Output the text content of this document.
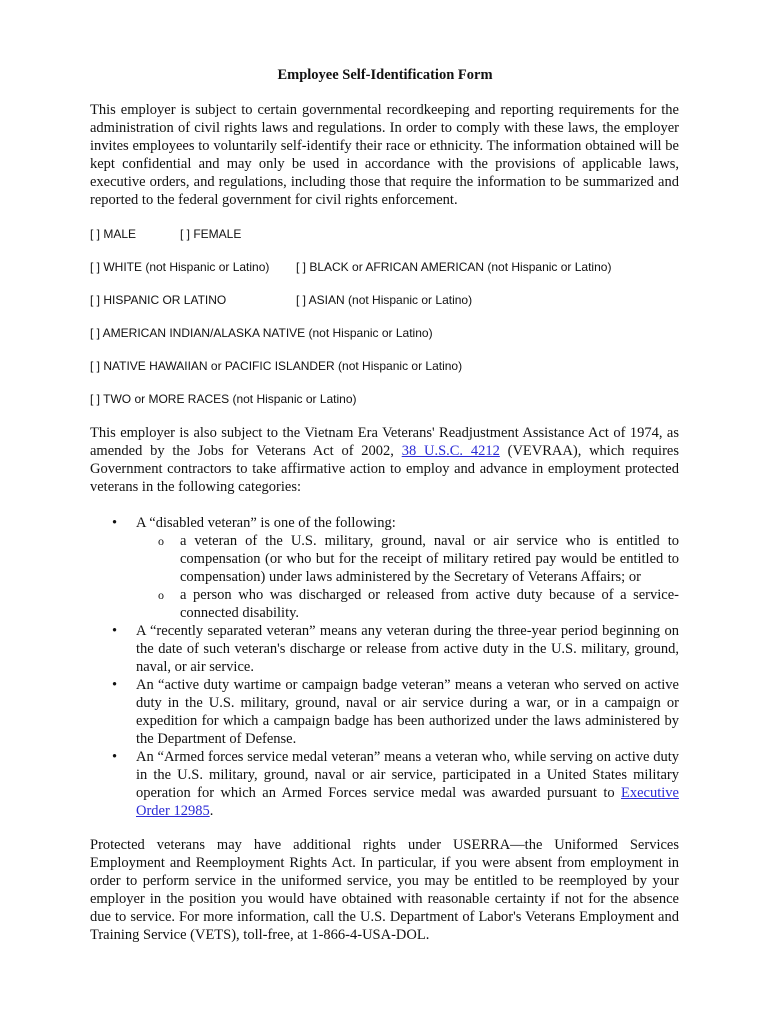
Employee Self-Identification Form

This employer is subject to certain governmental recordkeeping and reporting requirements for the administration of civil rights laws and regulations. In order to comply with these laws, the employer invites employees to voluntarily self-identify their race or ethnicity. The information obtained will be kept confidential and may only be used in accordance with the provisions of applicable laws, executive orders, and regulations, including those that require the information to be summarized and reported to the federal government for civil rights enforcement.

[ ] MALE	[ ] FEMALE
[ ] WHITE (not Hispanic or Latino) [ ] BLACK or AFRICAN AMERICAN (not Hispanic or Latino)
[ ] HISPANIC OR LATINO	[ ] ASIAN (not Hispanic or Latino)
[ ] AMERICAN INDIAN/ALASKA NATIVE (not Hispanic or Latino)
[ ] NATIVE HAWAIIAN or PACIFIC ISLANDER (not Hispanic or Latino)
[ ] TWO or MORE RACES (not Hispanic or Latino)

This employer is also subject to the Vietnam Era Veterans' Readjustment Assistance Act of 1974, as amended by the Jobs for Veterans Act of 2002, 38 U.S.C. 4212 (VEVRAA), which requires Government contractors to take affirmative action to employ and advance in employment protected veterans in the following categories:

• A “disabled veteran” is one of the following:
o a veteran of the U.S. military, ground, naval or air service who is entitled to compensation (or who but for the receipt of military retired pay would be entitled to compensation) under laws administered by the Secretary of Veterans Affairs; or
o a person who was discharged or released from active duty because of a service-connected disability.
• A “recently separated veteran” means any veteran during the three-year period beginning on the date of such veteran's discharge or release from active duty in the U.S. military, ground, naval, or air service.
• An “active duty wartime or campaign badge veteran” means a veteran who served on active duty in the U.S. military, ground, naval or air service during a war, or in a campaign or expedition for which a campaign badge has been authorized under the laws administered by the Department of Defense.
• An “Armed forces service medal veteran” means a veteran who, while serving on active duty in the U.S. military, ground, naval or air service, participated in a United States military operation for which an Armed Forces service medal was awarded pursuant to Executive Order 12985.

Protected veterans may have additional rights under USERRA—the Uniformed Services Employment and Reemployment Rights Act. In particular, if you were absent from employment in order to perform service in the uniformed service, you may be entitled to be reemployed by your employer in the position you would have obtained with reasonable certainty if not for the absence due to service. For more information, call the U.S. Department of Labor's Veterans Employment and Training Service (VETS), toll-free, at 1-866-4-USA-DOL.
